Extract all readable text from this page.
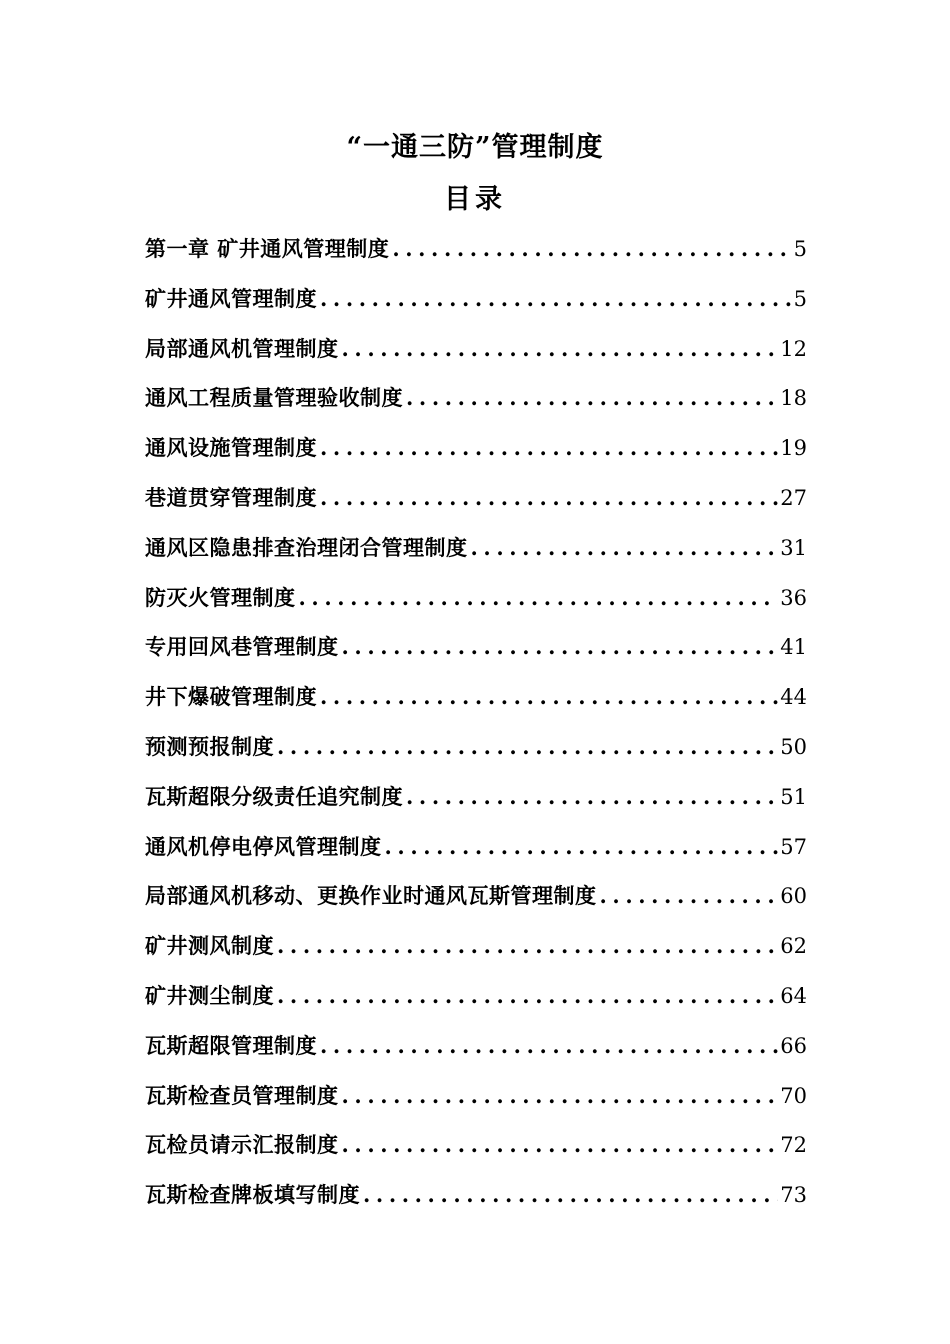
“一通三防”管理制度
目录
第一章 矿井通风管理制度 .....	5
矿井通风管理制度 .....	5
局部通风机管理制度 .....	12
通风工程质量管理验收制度 .....	18
通风设施管理制度 .....	19
巷道贯穿管理制度 .....	27
通风区隐患排查治理闭合管理制度 .....	31
防灭火管理制度 .....	36
专用回风巷管理制度 .....	41
井下爆破管理制度 .....	44
预测预报制度 .....	50
瓦斯超限分级责任追究制度 .....	51
通风机停电停风管理制度 .....	57
局部通风机移动、更换作业时通风瓦斯管理制度 .....	60
矿井测风制度 .....	62
矿井测尘制度 .....	64
瓦斯超限管理制度 .....	66
瓦斯检查员管理制度 .....	70
瓦检员请示汇报制度 .....	72
瓦斯检查牌板填写制度 .....	73
